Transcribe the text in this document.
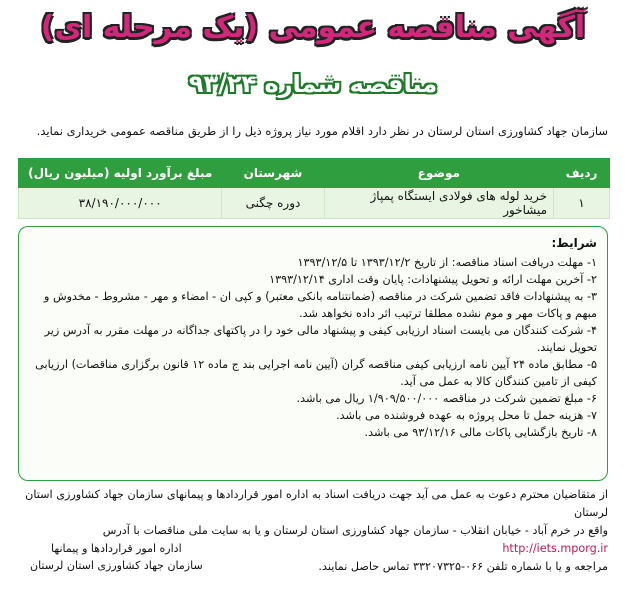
آگهی مناقصه عمومی (یک مرحله ای)
مناقصه شماره ۹۳/۲۴
سازمان جهاد کشاورزی استان لرستان در نظر دارد اقلام مورد نیاز پروژه ذیل را از طریق مناقصه عمومی خریداری نماید.
ردیف	موضوع	شهرستان	مبلغ برآورد اولیه (میلیون ریال)
۱	خرید لوله های فولادی ایستگاه پمپاژ میشاخور	دوره چگنی	۳۸/۱۹۰/۰۰۰/۰۰۰
شرایط:
۱- مهلت دریافت اسناد مناقصه: از تاریخ ۱۳۹۳/۱۲/۲ تا ۱۳۹۳/۱۲/۵
۲- آخرین مهلت ارائه و تحویل پیشنهادات: پایان وقت اداری ۱۳۹۳/۱۲/۱۴
۳- به پیشنهادات فاقد تضمین شرکت در مناقصه (ضمانتنامه بانکی معتبر) و کپی ان - امضاء و مهر - مشروط - مخدوش و مبهم و پاکات مهر و موم نشده مطلقا ترتیب اثر داده نخواهد شد.
۴- شرکت کنندگان می بایست اسناد ارزیابی کیفی و پیشنهاد مالی خود را در پاکتهای جداگانه در مهلت مقرر به آدرس زیر تحویل نمایند.
۵- مطابق ماده ۲۴ آیین نامه ارزیابی کیفی مناقصه گران (آیین نامه اجرایی بند ج ماده ۱۲ قانون برگزاری مناقصات) ارزیابی کیفی از تامین کنندگان کالا به عمل می آید.
۶- مبلغ تضمین شرکت در مناقصه ۱/۹۰۹/۵۰۰/۰۰۰ ریال می باشد.
۷- هزینه حمل تا محل پروژه به عهده فروشنده می باشد.
۸- تاریخ بازگشایی پاکات مالی ۹۳/۱۲/۱۶ می باشد.
از متقاضیان محترم دعوت به عمل می آید جهت دریافت اسناد به اداره امور قراردادها و پیمانهای سازمان جهاد کشاورزی استان لرستان
واقع در خرم آباد - خیابان انقلاب - سازمان جهاد کشاورزی استان لرستان و یا به سایت ملی مناقصات با آدرس http://iets.mporg.ir
مراجعه و یا با شماره تلفن ۰۶۶-۳۳۲۰۷۳۲۵ تماس حاصل نمایند.
اداره امور قراردادها و پیمانها
سازمان جهاد کشاورزی استان لرستان
